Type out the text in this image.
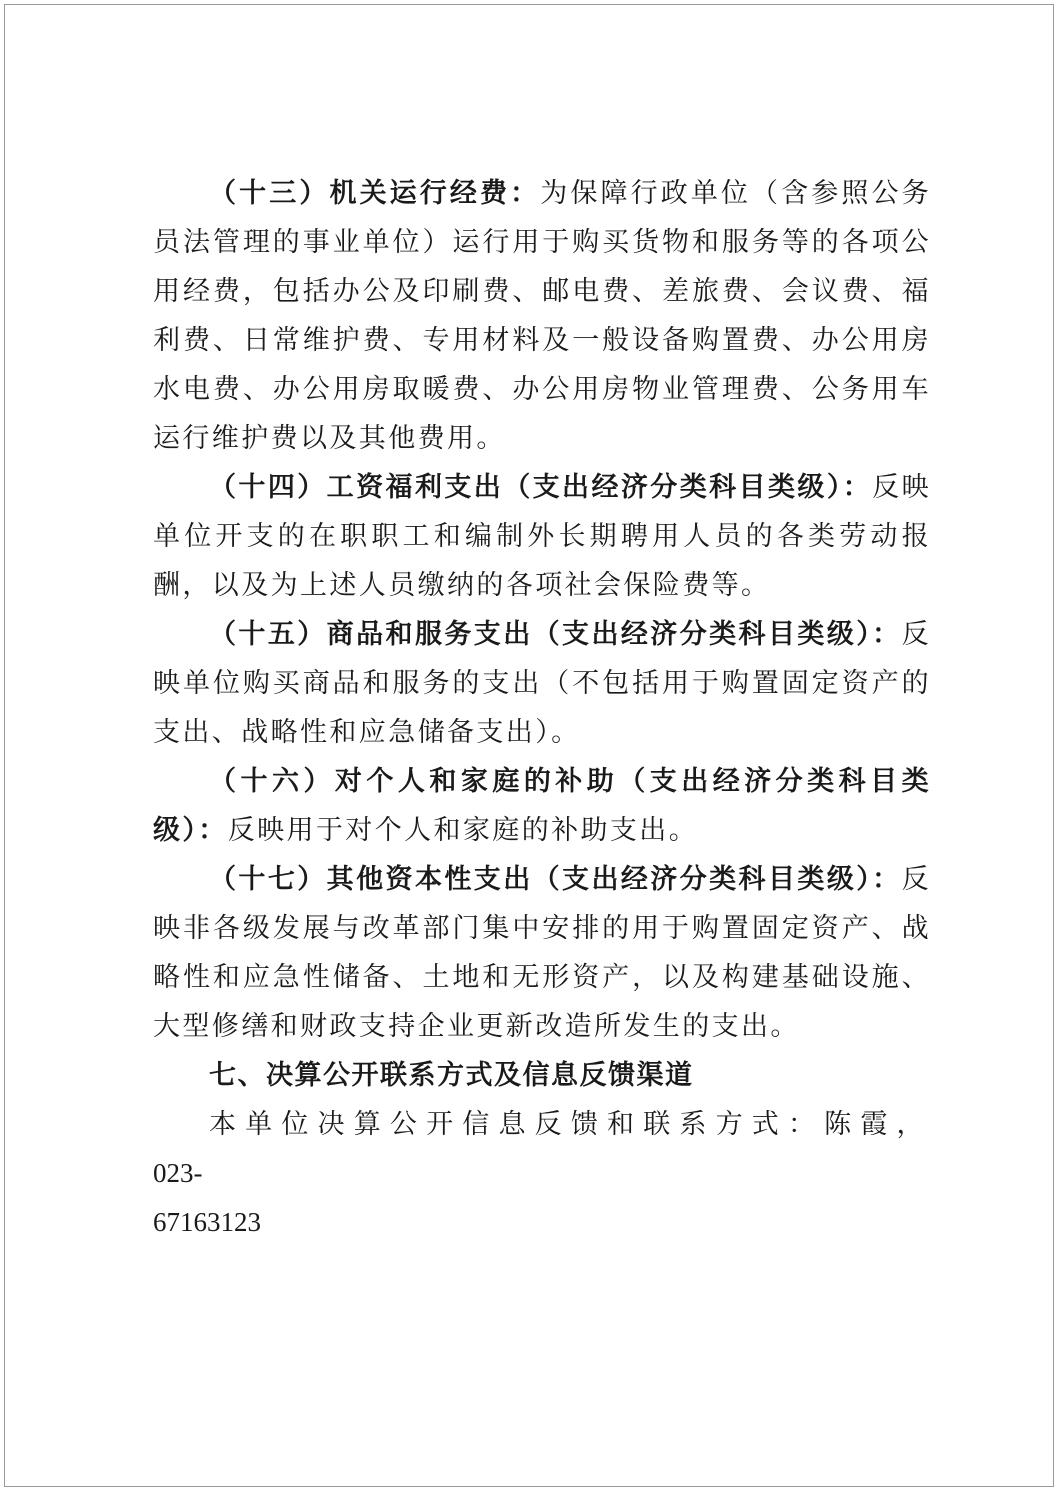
（十三）机关运行经费：为保障行政单位（含参照公务员法管理的事业单位）运行用于购买货物和服务等的各项公用经费，包括办公及印刷费、邮电费、差旅费、会议费、福利费、日常维护费、专用材料及一般设备购置费、办公用房水电费、办公用房取暖费、办公用房物业管理费、公务用车运行维护费以及其他费用。

（十四）工资福利支出（支出经济分类科目类级）：反映单位开支的在职职工和编制外长期聘用人员的各类劳动报酬，以及为上述人员缴纳的各项社会保险费等。

（十五）商品和服务支出（支出经济分类科目类级）：反映单位购买商品和服务的支出（不包括用于购置固定资产的支出、战略性和应急储备支出）。

（十六）对个人和家庭的补助（支出经济分类科目类级）：反映用于对个人和家庭的补助支出。

（十七）其他资本性支出（支出经济分类科目类级）：反映非各级发展与改革部门集中安排的用于购置固定资产、战略性和应急性储备、土地和无形资产，以及构建基础设施、大型修缮和财政支持企业更新改造所发生的支出。

七、决算公开联系方式及信息反馈渠道

本单位决算公开信息反馈和联系方式：陈霞，023-

67163123
